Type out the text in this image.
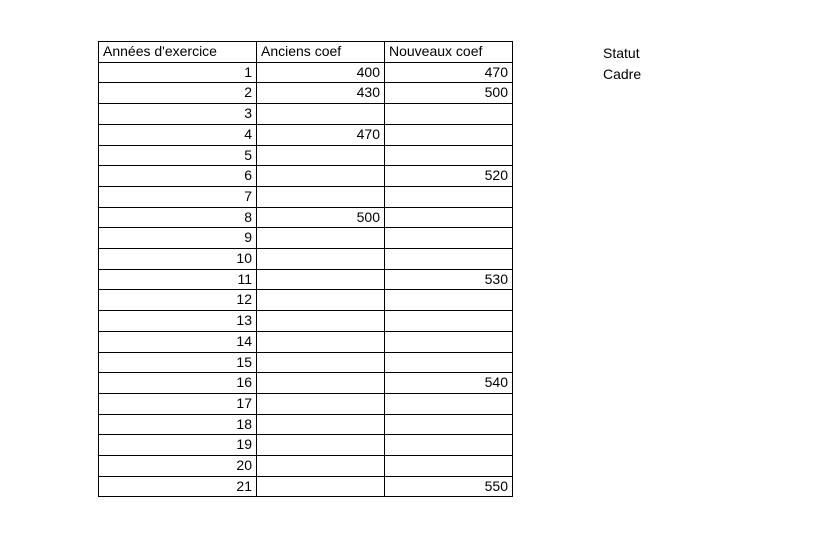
Années d'exercice	Anciens coef	Nouveaux coef
1	400	470
2	430	500
3		
4	470	
5		
6		520
7		
8	500	
9		
10		
11		530
12		
13		
14		
15		
16		540
17		
18		
19		
20		
21		550
Statut
Cadre
